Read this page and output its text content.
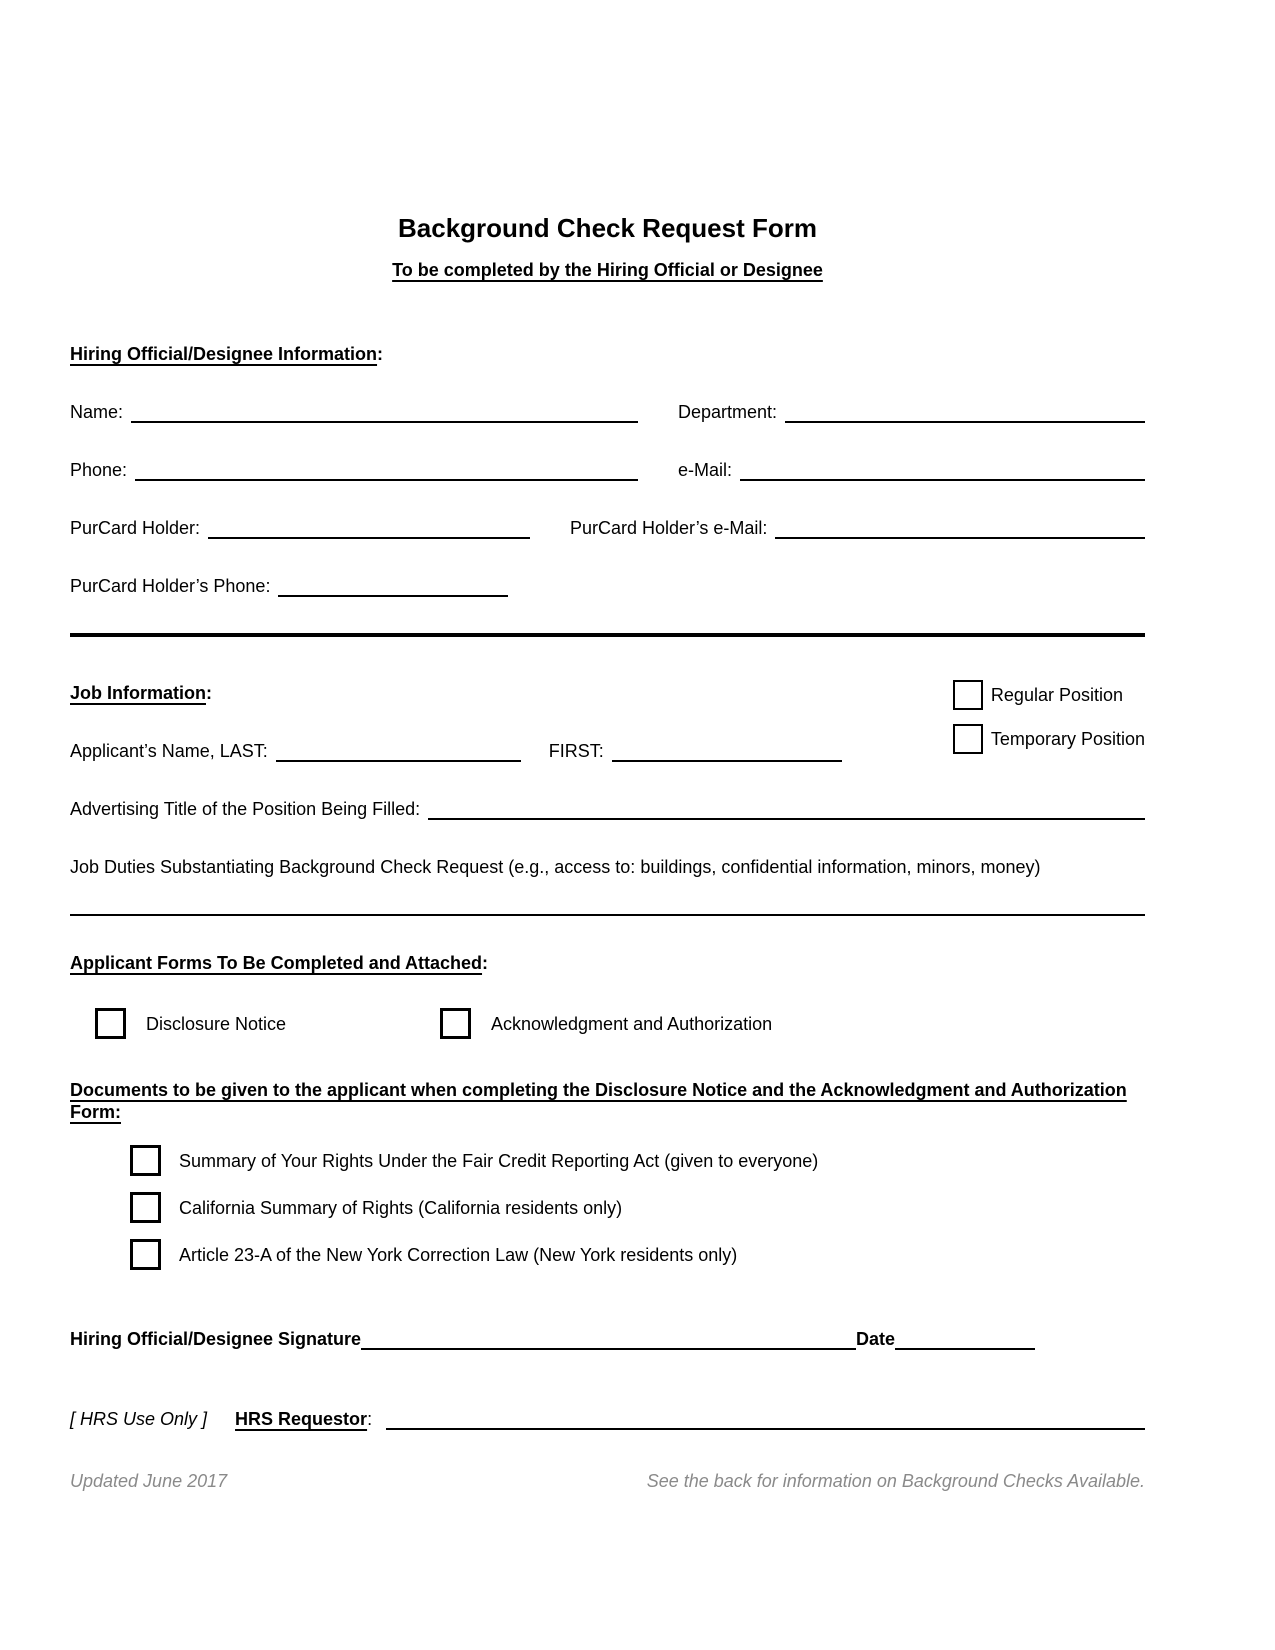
Background Check Request Form
To be completed by the Hiring Official or Designee
Hiring Official/Designee Information:
Name:	Department:
Phone:	e-Mail:
PurCard Holder:	PurCard Holder’s e-Mail:
PurCard Holder’s Phone:
Regular Position
Temporary Position
Job Information:
Applicant’s Name, LAST:	FIRST:
Advertising Title of the Position Being Filled:
Job Duties Substantiating Background Check Request (e.g., access to: buildings, confidential information, minors, money)
Applicant Forms To Be Completed and Attached:
Disclosure Notice	Acknowledgment and Authorization
Documents to be given to the applicant when completing the Disclosure Notice and the Acknowledgment and Authorization Form:
Summary of Your Rights Under the Fair Credit Reporting Act (given to everyone)
California Summary of Rights (California residents only)
Article 23-A of the New York Correction Law (New York residents only)
Hiring Official/Designee Signature	Date
[ HRS Use Only ] HRS Requestor :
Updated June 2017	See the back for information on Background Checks Available.
